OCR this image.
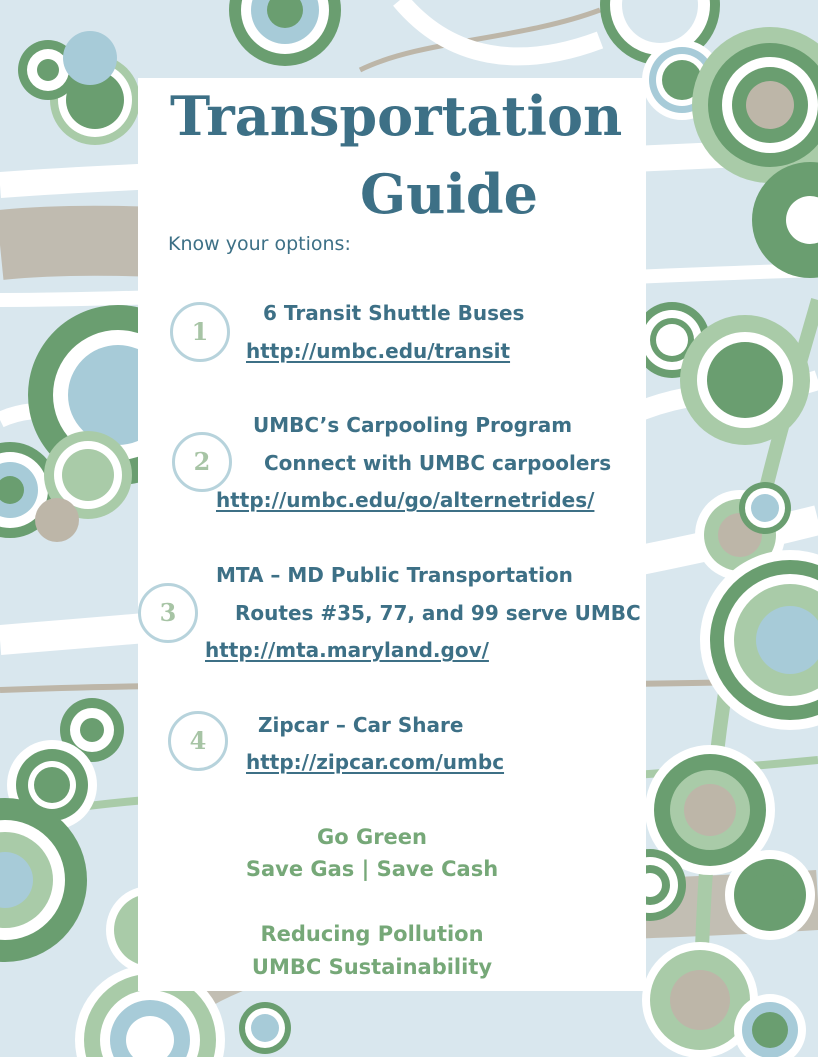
Transportation
Guide
Know your options:
1
6 Transit Shuttle Buses
http://umbc.edu/transit
2
UMBC’s Carpooling Program
Connect with UMBC carpoolers
http://umbc.edu/go/alternetrides/
3
MTA – MD Public Transportation
Routes #35, 77, and 99 serve UMBC
http://mta.maryland.gov/
4
Zipcar – Car Share
http://zipcar.com/umbc
Go Green
Save Gas | Save Cash
Reducing Pollution
UMBC Sustainability
